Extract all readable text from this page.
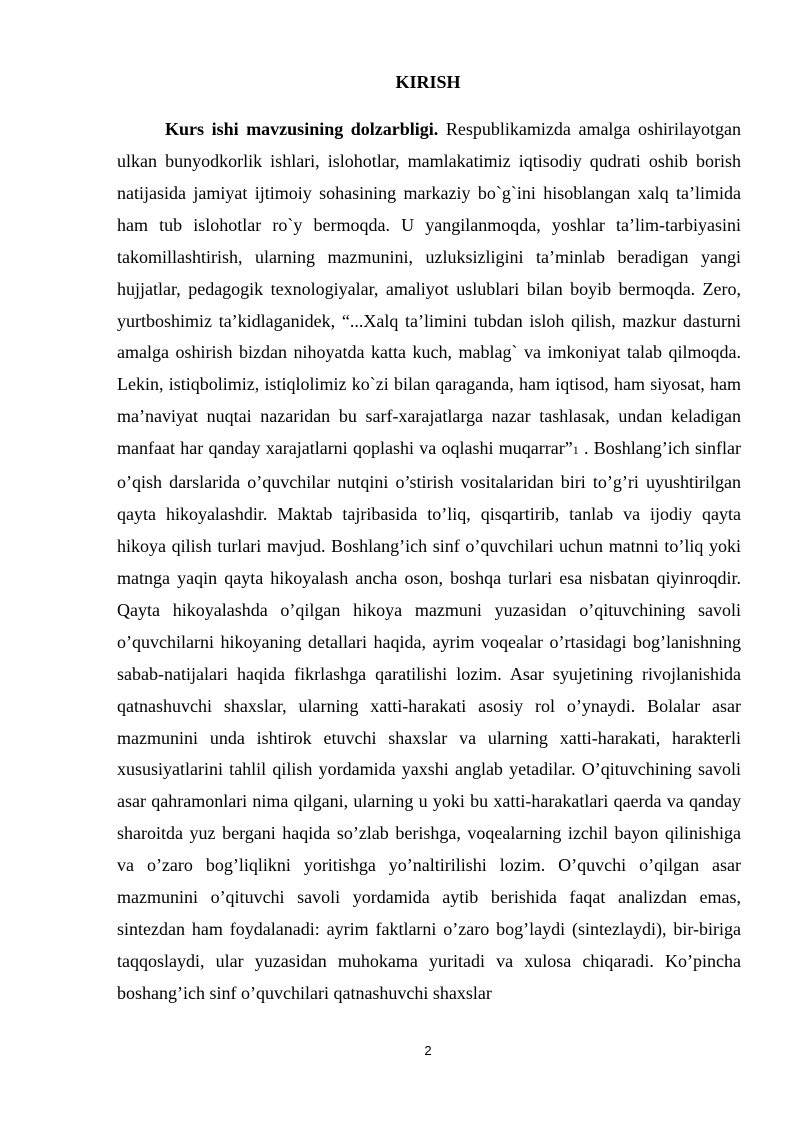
KIRISH

Kurs ishi mavzusining dolzarbligi. Respublikamizda amalga oshirilayotgan ulkan bunyodkorlik ishlari, islohotlar, mamlakatimiz iqtisodiy qudrati oshib borish natijasida jamiyat ijtimoiy sohasining markaziy bo`g`ini hisoblangan xalq ta’limida ham tub islohotlar ro`y bermoqda. U yangilanmoqda, yoshlar ta’lim-tarbiyasini takomillashtirish, ularning mazmunini, uzluksizligini ta’minlab beradigan yangi hujjatlar, pedagogik texnologiyalar, amaliyot uslublari bilan boyib bermoqda. Zero, yurtboshimiz ta’kidlaganidek, “...Xalq ta’limini tubdan isloh qilish, mazkur dasturni amalga oshirish bizdan nihoyatda katta kuch, mablag` va imkoniyat talab qilmoqda. Lekin, istiqbolimiz, istiqlolimiz ko`zi bilan qaraganda, ham iqtisod, ham siyosat, ham ma’naviyat nuqtai nazaridan bu sarf-xarajatlarga nazar tashlasak, undan keladigan manfaat har qanday xarajatlarni qoplashi va oqlashi muqarrar”1 . Boshlang’ich sinflar o’qish darslarida o’quvchilar nutqini o’stirish vositalaridan biri to’g’ri uyushtirilgan qayta hikoyalashdir. Maktab tajribasida to’liq, qisqartirib, tanlab va ijodiy qayta hikoya qilish turlari mavjud. Boshlang’ich sinf o’quvchilari uchun matnni to’liq yoki matnga yaqin qayta hikoyalash ancha oson, boshqa turlari esa nisbatan qiyinroqdir. Qayta hikoyalashda o’qilgan hikoya mazmuni yuzasidan o’qituvchining savoli o’quvchilarni hikoyaning detallari haqida, ayrim voqealar o’rtasidagi bog’lanishning sabab-natijalari haqida fikrlashga qaratilishi lozim. Asar syujetining rivojlanishida qatnashuvchi shaxslar, ularning xatti-harakati asosiy rol o’ynaydi. Bolalar asar mazmunini unda ishtirok etuvchi shaxslar va ularning xatti-harakati, harakterli xususiyatlarini tahlil qilish yordamida yaxshi anglab yetadilar. O’qituvchining savoli asar qahramonlari nima qilgani, ularning u yoki bu xatti-harakatlari qaerda va qanday sharoitda yuz bergani haqida so’zlab berishga, voqealarning izchil bayon qilinishiga va o’zaro bog’liqlikni yoritishga yo’naltirilishi lozim. O’quvchi o’qilgan asar mazmunini o’qituvchi savoli yordamida aytib berishida faqat analizdan emas, sintezdan ham foydalanadi: ayrim faktlarni o’zaro bog’laydi (sintezlaydi), bir-biriga taqqoslaydi, ular yuzasidan muhokama yuritadi va xulosa chiqaradi. Ko’pincha boshang’ich sinf o’quvchilari qatnashuvchi shaxslar

2
